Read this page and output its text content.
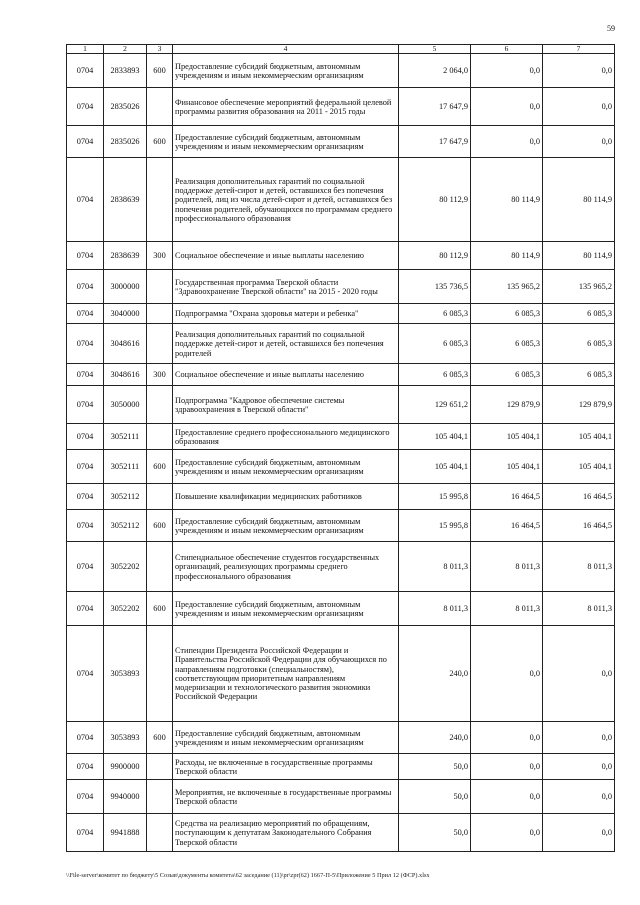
59
1	2	3	4	5	6	7
0704	2833893	600	Предоставление субсидий бюджетным, автономным учреждениям и иным некоммерческим организациям	2 064,0	0,0	0,0
0704	2835026		Финансовое обеспечение мероприятий федеральной целевой программы развития образования на 2011 - 2015 годы	17 647,9	0,0	0,0
0704	2835026	600	Предоставление субсидий бюджетным, автономным учреждениям и иным некоммерческим организациям	17 647,9	0,0	0,0
0704	2838639		Реализация дополнительных гарантий по социальной поддержке детей-сирот и детей, оставшихся без попечения родителей, лиц из числа детей-сирот и детей, оставшихся без попечения родителей, обучающихся по программам среднего профессионального образования	80 112,9	80 114,9	80 114,9
0704	2838639	300	Социальное обеспечение и иные выплаты населению	80 112,9	80 114,9	80 114,9
0704	3000000		Государственная программа Тверской области "Здравоохранение Тверской области" на 2015 - 2020 годы	135 736,5	135 965,2	135 965,2
0704	3040000		Подпрограмма "Охрана здоровья матери и ребенка"	6 085,3	6 085,3	6 085,3
0704	3048616		Реализация дополнительных гарантий по социальной поддержке детей-сирот и детей, оставшихся без попечения родителей	6 085,3	6 085,3	6 085,3
0704	3048616	300	Социальное обеспечение и иные выплаты населению	6 085,3	6 085,3	6 085,3
0704	3050000		Подпрограмма "Кадровое обеспечение системы здравоохранения в Тверской области"	129 651,2	129 879,9	129 879,9
0704	3052111		Предоставление среднего профессионального медицинского образования	105 404,1	105 404,1	105 404,1
0704	3052111	600	Предоставление субсидий бюджетным, автономным учреждениям и иным некоммерческим организациям	105 404,1	105 404,1	105 404,1
0704	3052112		Повышение квалификации медицинских работников	15 995,8	16 464,5	16 464,5
0704	3052112	600	Предоставление субсидий бюджетным, автономным учреждениям и иным некоммерческим организациям	15 995,8	16 464,5	16 464,5
0704	3052202		Стипендиальное обеспечение студентов государственных организаций, реализующих программы среднего профессионального образования	8 011,3	8 011,3	8 011,3
0704	3052202	600	Предоставление субсидий бюджетным, автономным учреждениям и иным некоммерческим организациям	8 011,3	8 011,3	8 011,3
0704	3053893		Стипендии Президента Российской Федерации и Правительства Российской Федерации для обучающихся по направлениям подготовки (специальностям), соответствующим приоритетным направлениям модернизации и технологического развития экономики Российской Федерации	240,0	0,0	0,0
0704	3053893	600	Предоставление субсидий бюджетным, автономным учреждениям и иным некоммерческим организациям	240,0	0,0	0,0
0704	9900000		Расходы, не включенные в государственные программы Тверской области	50,0	0,0	0,0
0704	9940000		Мероприятия, не включенные в государственные программы Тверской области	50,0	0,0	0,0
0704	9941888		Средства на реализацию мероприятий по обращениям, поступающим к депутатам Законодательного Собрания Тверской области	50,0	0,0	0,0
\\File-server\комитет по бюджету\5 Созыв\документы комитета\62 заседание (11)\pr\zpr(62) 1667-П-5\Приложение 5 Прил 12 (ФСР).xlsx
